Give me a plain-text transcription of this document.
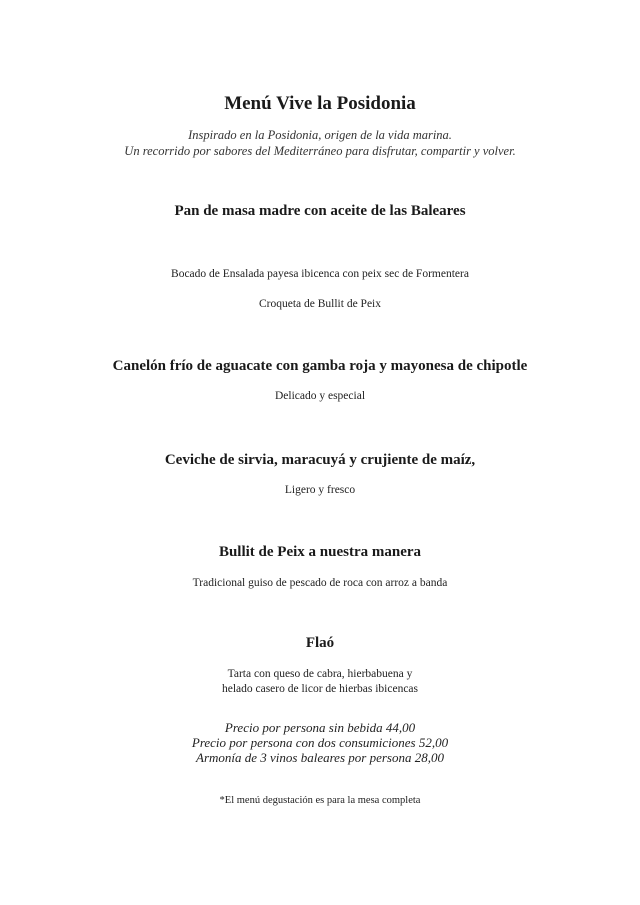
Menú Vive la Posidonia
Inspirado en la Posidonia, origen de la vida marina.
Un recorrido por sabores del Mediterráneo para disfrutar, compartir y volver.
Pan de masa madre con aceite de las Baleares
Bocado de Ensalada payesa ibicenca con peix sec de Formentera
Croqueta de Bullit de Peix
Canelón frío de aguacate con gamba roja y mayonesa de chipotle
Delicado y especial
Ceviche de sirvia, maracuyá y crujiente de maíz,
Ligero y fresco
Bullit de Peix a nuestra manera
Tradicional guiso de pescado de roca con arroz a banda
Flaó
Tarta con queso de cabra, hierbabuena y
helado casero de licor de hierbas ibicencas
Precio por persona sin bebida 44,00
Precio por persona con dos consumiciones 52,00
Armonía de 3 vinos baleares por persona 28,00
*El menú degustación es para la mesa completa
